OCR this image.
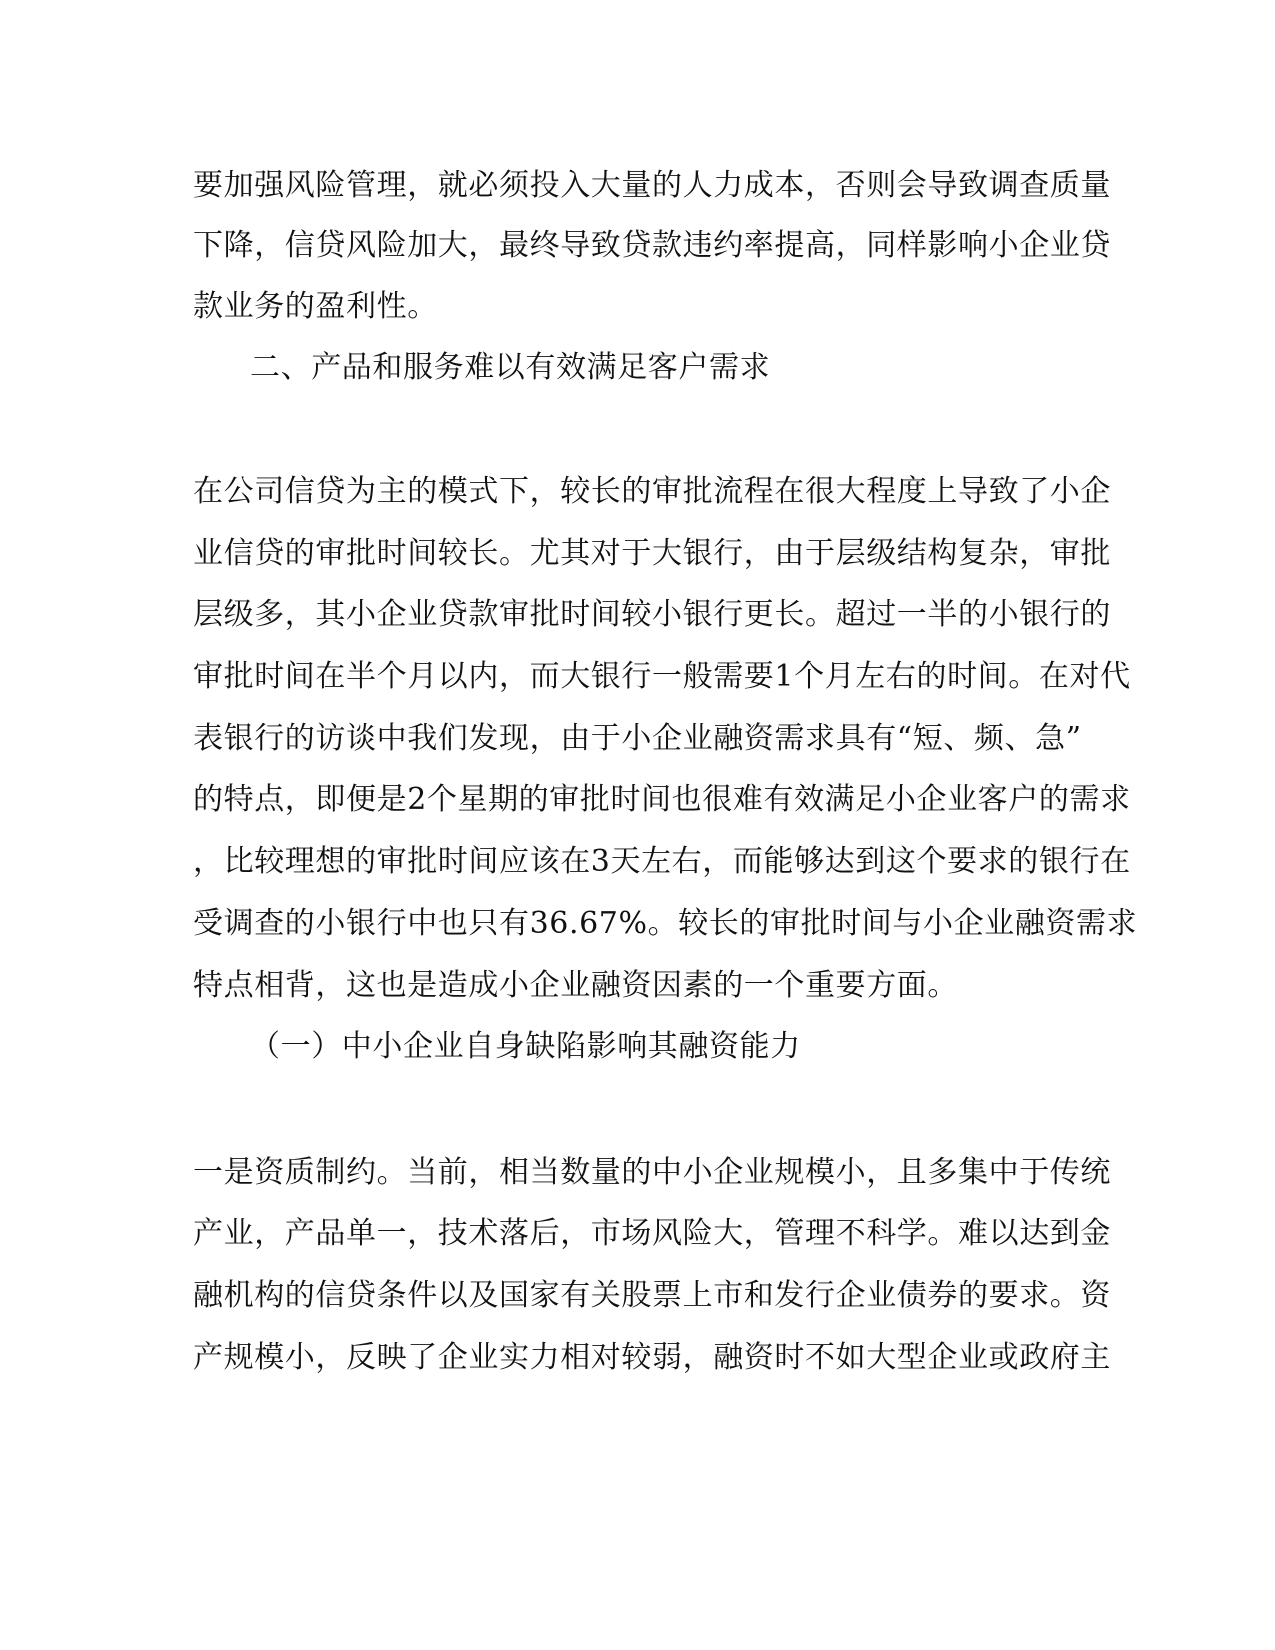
要加强风险管理，就必须投入大量的人力成本，否则会导致调查质量
下降，信贷风险加大，最终导致贷款违约率提高，同样影响小企业贷
款业务的盈利性。
二、产品和服务难以有效满足客户需求
在公司信贷为主的模式下，较长的审批流程在很大程度上导致了小企
业信贷的审批时间较长。尤其对于大银行，由于层级结构复杂，审批
层级多，其小企业贷款审批时间较小银行更长。超过一半的小银行的
审批时间在半个月以内，而大银行一般需要1个月左右的时间。在对代
表银行的访谈中我们发现，由于小企业融资需求具有“短、频、急”
的特点，即便是2个星期的审批时间也很难有效满足小企业客户的需求
，比较理想的审批时间应该在3天左右，而能够达到这个要求的银行在
受调查的小银行中也只有36.67%。较长的审批时间与小企业融资需求
特点相背，这也是造成小企业融资因素的一个重要方面。
（一）中小企业自身缺陷影响其融资能力
一是资质制约。当前，相当数量的中小企业规模小，且多集中于传统
产业，产品单一，技术落后，市场风险大，管理不科学。难以达到金
融机构的信贷条件以及国家有关股票上市和发行企业债券的要求。资
产规模小，反映了企业实力相对较弱，融资时不如大型企业或政府主
